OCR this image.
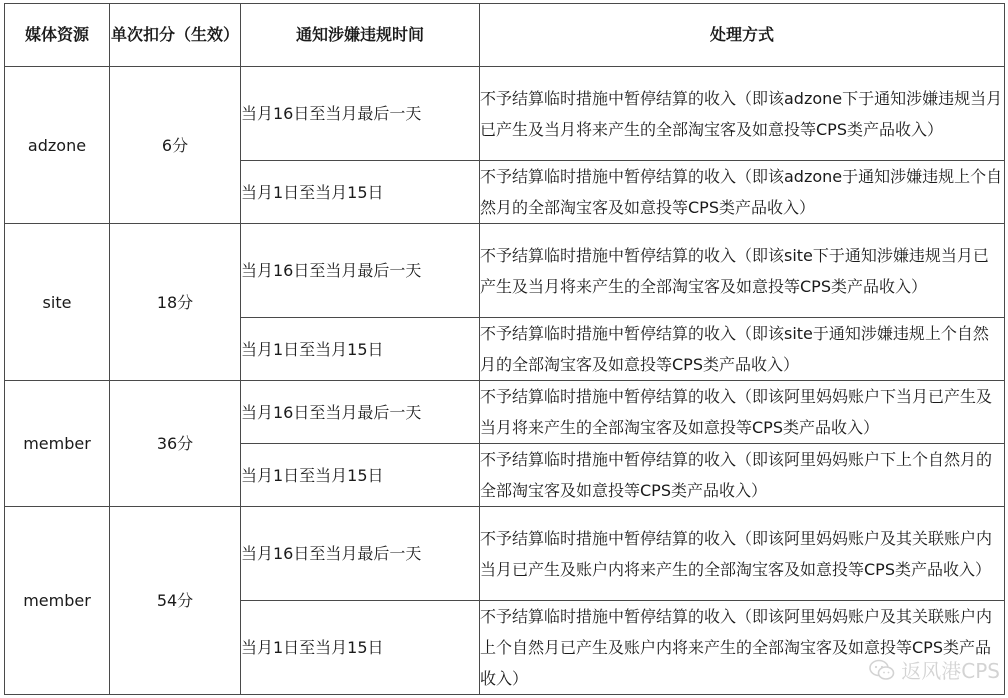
媒体资源	单次扣分（生效）	通知涉嫌违规时间	处理方式
adzone	6分	当月16日至当月最后一天	不予结算临时措施中暂停结算的收入（即该adzone下于通知涉嫌违规当月已产生及当月将来产生的全部淘宝客及如意投等CPS类产品收入）
		当月1日至当月15日	不予结算临时措施中暂停结算的收入（即该adzone于通知涉嫌违规上个自然月的全部淘宝客及如意投等CPS类产品收入）
site	18分	当月16日至当月最后一天	不予结算临时措施中暂停结算的收入（即该site下于通知涉嫌违规当月已产生及当月将来产生的全部淘宝客及如意投等CPS类产品收入）
		当月1日至当月15日	不予结算临时措施中暂停结算的收入（即该site于通知涉嫌违规上个自然月的全部淘宝客及如意投等CPS类产品收入）
member	36分	当月16日至当月最后一天	不予结算临时措施中暂停结算的收入（即该阿里妈妈账户下当月已产生及当月将来产生的全部淘宝客及如意投等CPS类产品收入）
		当月1日至当月15日	不予结算临时措施中暂停结算的收入（即该阿里妈妈账户下上个自然月的全部淘宝客及如意投等CPS类产品收入）
member	54分	当月16日至当月最后一天	不予结算临时措施中暂停结算的收入（即该阿里妈妈账户及其关联账户内当月已产生及账户内将来产生的全部淘宝客及如意投等CPS类产品收入）
		当月1日至当月15日	不予结算临时措施中暂停结算的收入（即该阿里妈妈账户及其关联账户内上个自然月已产生及账户内将来产生的全部淘宝客及如意投等CPS类产品收入）	返风港CPS
